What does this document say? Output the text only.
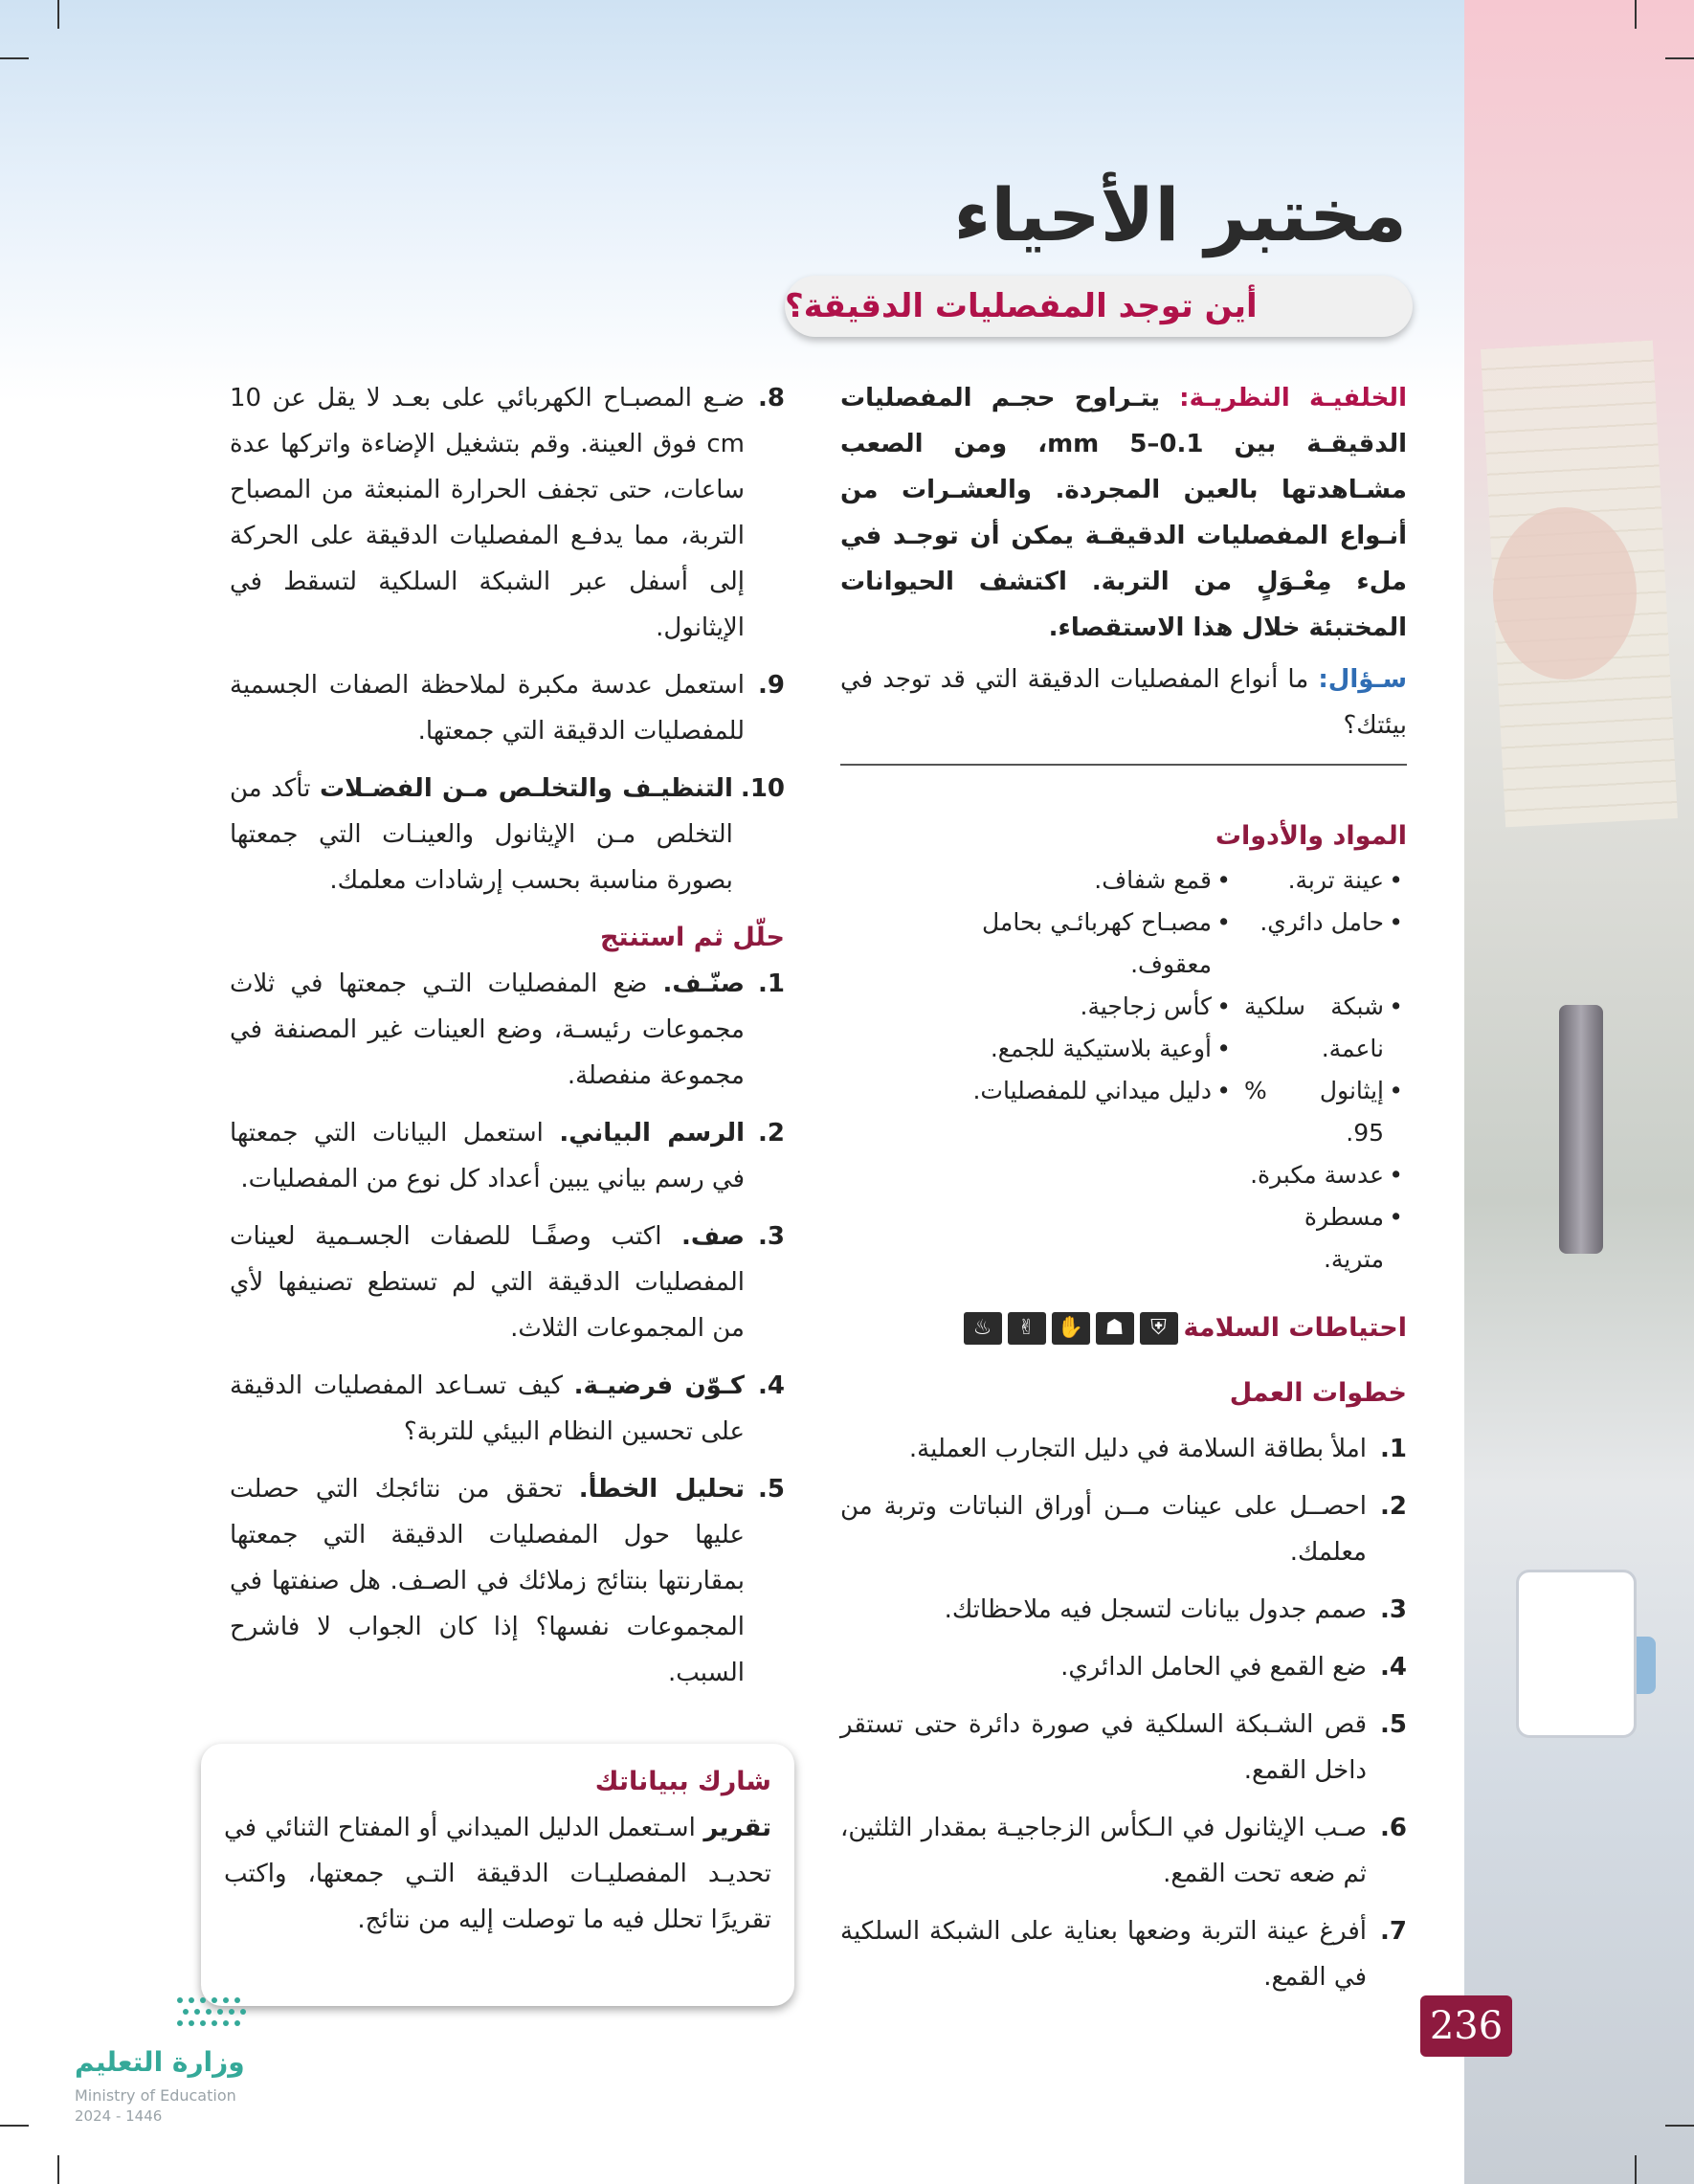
مختبر الأحياء
أين توجد المفصليات الدقيقة؟

الخلفيـة النظريـة: يتـراوح حجـم المفصليات الدقيقـة بين 0.1–5 mm، ومن الصعب مشـاهدتها بالعين المجردة. والعشـرات من أنـواع المفصليات الدقيقـة يمكن أن توجـد في ملء مِعْـوَلٍ من التربة. اكتشف الحيوانات المختبئة خلال هذا الاستقصاء.

سـؤال: ما أنواع المفصليات الدقيقة التي قد توجد في بيئتك؟

المواد والأدوات
• عينة تربة.
• حامل دائري.
• شبكة سلكية ناعمة.
• إيثانول % 95.
• عدسة مكبرة.
• مسطرة مترية.
• قمع شفاف.
• مصبـاح كهربائـي بحامل معقوف.
• كأس زجاجية.
• أوعية بلاستيكية للجمع.
• دليل ميداني للمفصليات.
احتياطات السلامة
⛨
☗
✋
✌
♨
خطوات العمل
1.
املأ بطاقة السلامة في دليل التجارب العملية.
2.
احصــل على عينات مــن أوراق النباتات وتربة من معلمك.
3.
صمم جدول بيانات لتسجل فيه ملاحظاتك.
4.
ضع القمع في الحامل الدائري.
5.
قص الشـبكة السلكية في صورة دائرة حتى تستقر داخل القمع.
6.
صـب الإيثانول في الـكأس الزجاجيـة بمقدار الثلثين، ثم ضعه تحت القمع.
7.
أفرغ عينة التربة وضعها بعناية على الشبكة السلكية في القمع.
8.
ضـع المصبـاح الكهربائي على بعـد لا يقل عن 10 cm فوق العينة. وقم بتشغيل الإضاءة واتركها عدة ساعات، حتى تجفف الحرارة المنبعثة من المصباح التربة، مما يدفـع المفصليات الدقيقة على الحركة إلى أسفل عبر الشبكة السلكية لتسقط في الإيثانول.
9.
استعمل عدسة مكبرة لملاحظة الصفات الجسمية للمفصليات الدقيقة التي جمعتها.
10.
التنظيـف والتخلـص مـن الفضـلات تأكد من التخلص مـن الإيثانول والعينـات التي جمعتها بصورة مناسبة بحسب إرشادات معلمك.
حلّل ثم استنتج
1.
صنّـف. ضع المفصليات التـي جمعتها في ثلاث مجموعات رئيسـة، وضع العينات غير المصنفة في مجموعة منفصلة.
2.
الرسم البياني. استعمل البيانات التي جمعتها في رسم بياني يبين أعداد كل نوع من المفصليات.
3.
صف. اكتب وصفًـا للصفات الجسـمية لعينات المفصليات الدقيقة التي لم تستطع تصنيفها لأي من المجموعات الثلاث.
4.
كـوّن فرضيـة. كيف تسـاعد المفصليات الدقيقة على تحسين النظام البيئي للتربة؟
5.
تحليل الخطأ. تحقق من نتائجك التي حصلت عليها حول المفصليات الدقيقة التي جمعتها بمقارنتها بنتائج زملائك في الصـف. هل صنفتها في المجموعات نفسها؟ إذا كان الجواب لا فاشرح السبب.
شارك ببياناتك

تقرير اسـتعمل الدليل الميداني أو المفتاح الثنائي في تحديـد المفصليـات الدقيقة التـي جمعتها، واكتب تقريرًا تحلل فيه ما توصلت إليه من نتائج.

236
وزارة التعليم
Ministry of Education
2024 - 1446
